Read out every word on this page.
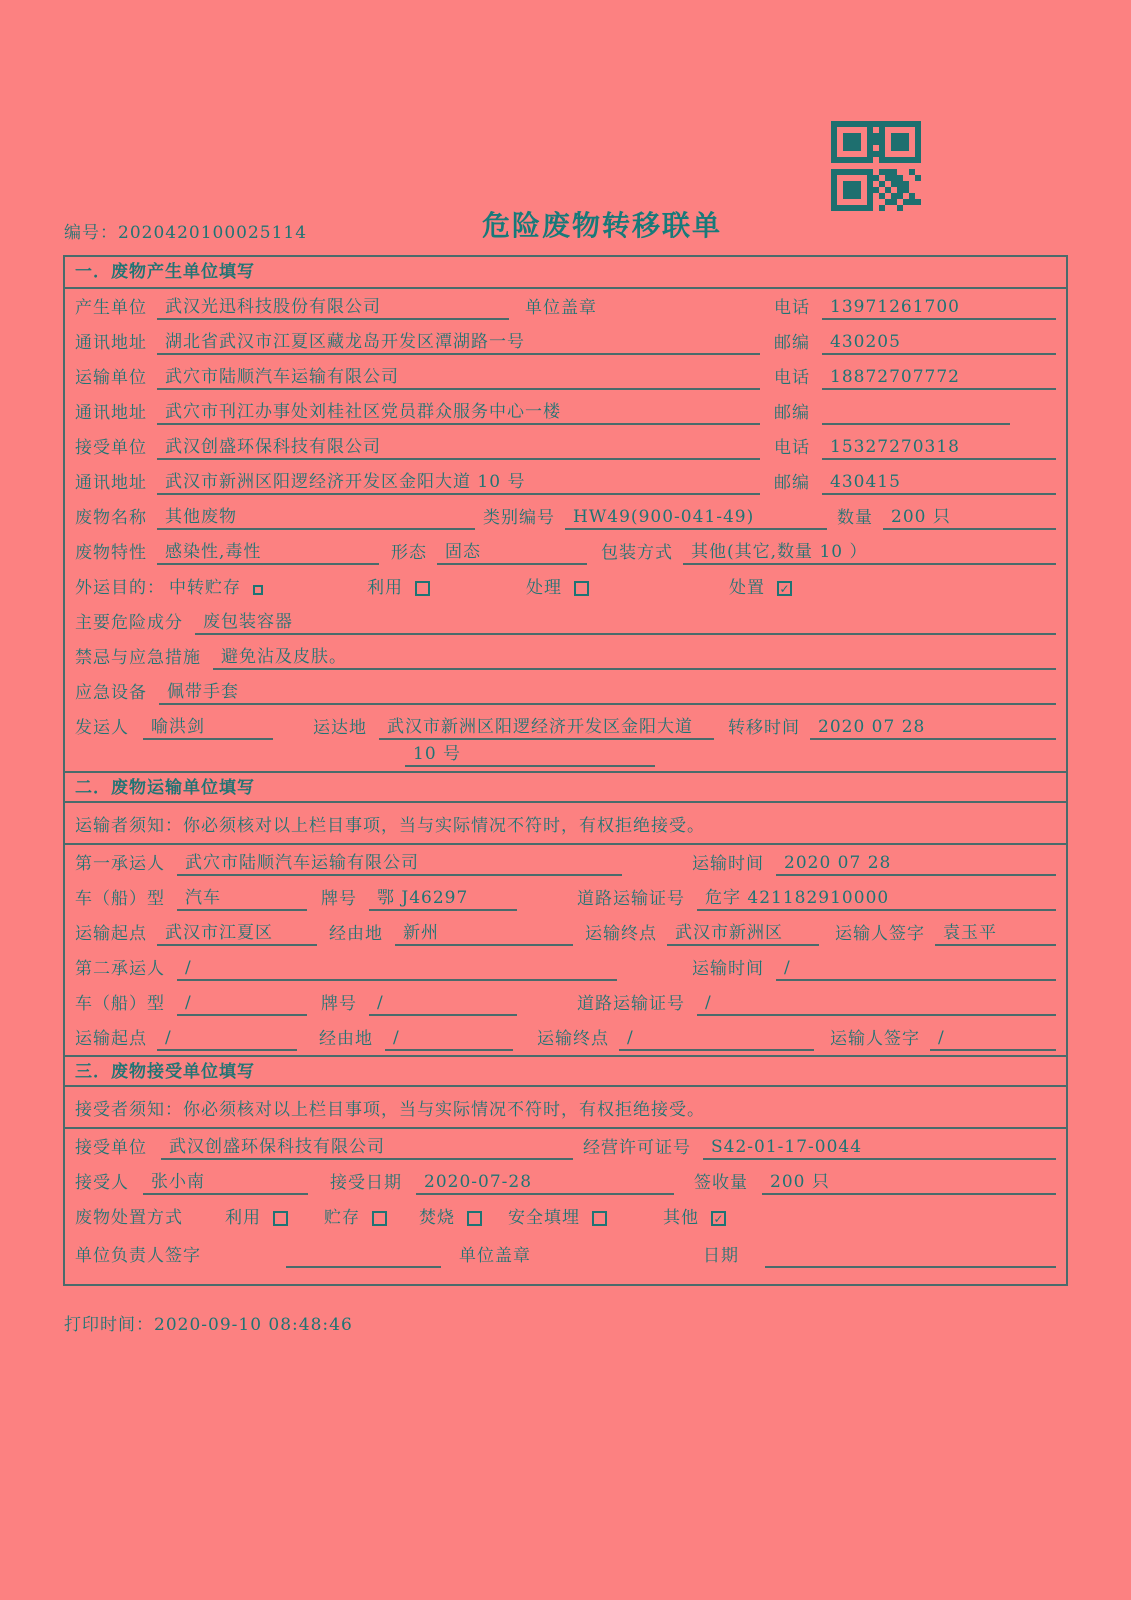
编号：2020420100025114	危险废物转移联单
一．废物产生单位填写
产生单位	武汉光迅科技股份有限公司	单位盖章	电话	13971261700
通讯地址	湖北省武汉市江夏区藏龙岛开发区潭湖路一号	邮编	430205
运输单位	武穴市陆顺汽车运输有限公司	电话	18872707772
通讯地址	武穴市刊江办事处刘桂社区党员群众服务中心一楼	邮编
接受单位	武汉创盛环保科技有限公司	电话	15327270318
通讯地址	武汉市新洲区阳逻经济开发区金阳大道 10 号	邮编	430415
废物名称	其他废物	类别编号	HW49(900-041-49)	数量	200 只
废物特性	感染性,毒性	形态	固态	包装方式	其他(其它,数量 10 ）
外运目的： 中转贮存	利用	处理	处置 ✓
主要危险成分	废包装容器
禁忌与应急措施	避免沾及皮肤。
应急设备	佩带手套
发运人	喻洪剑	运达地	武汉市新洲区阳逻经济开发区金阳大道	转移时间	2020 07 28
10 号
二．废物运输单位填写
运输者须知：你必须核对以上栏目事项，当与实际情况不符时，有权拒绝接受。
第一承运人	武穴市陆顺汽车运输有限公司	运输时间	2020 07 28
车（船）型	汽车	牌号	鄂 J46297	道路运输证号	危字 421182910000
运输起点	武汉市江夏区	经由地	新州	运输终点	武汉市新洲区	运输人签字	袁玉平
第二承运人	/	运输时间	/
车（船）型	/	牌号	/	道路运输证号	/
运输起点	/	经由地	/	运输终点	/	运输人签字	/
三．废物接受单位填写
接受者须知：你必须核对以上栏目事项，当与实际情况不符时，有权拒绝接受。
接受单位	武汉创盛环保科技有限公司	经营许可证号	S42-01-17-0044
接受人	张小南	接受日期	2020-07-28	签收量	200 只
废物处置方式 利用	贮存	焚烧	安全填埋	其他 ✓
单位负责人签字	单位盖章	日期
打印时间：2020-09-10 08:48:46
